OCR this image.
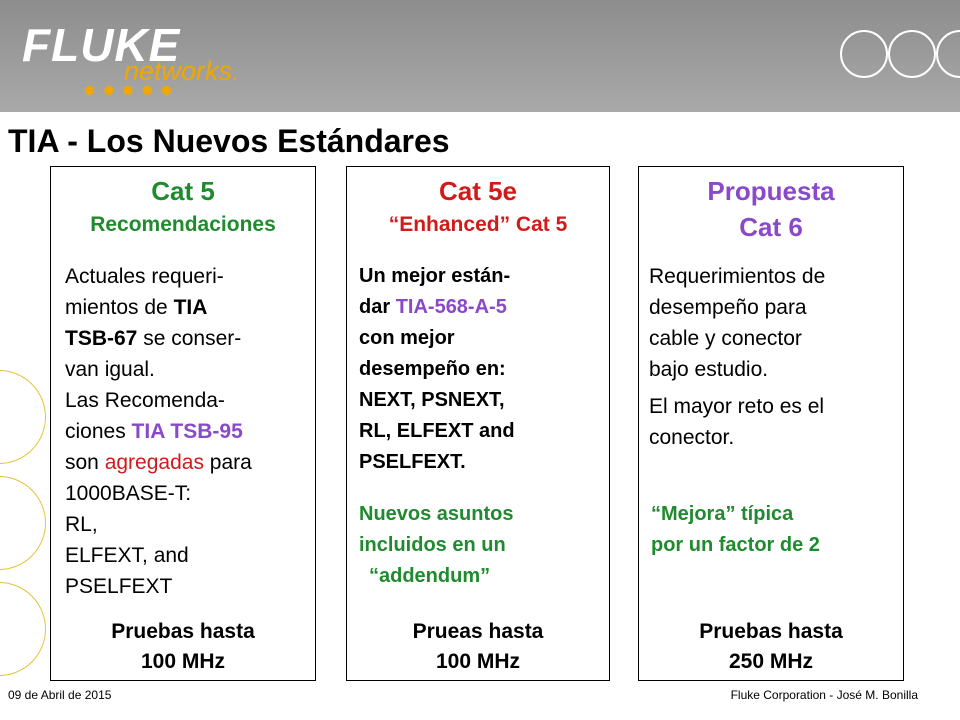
FLUKE
networks.
•••••
TIA - Los Nuevos Estándares
Cat 5
Recomendaciones
Actuales requeri-
mientos de TIA
TSB-67 se conser-
van igual.
Las Recomenda-
ciones TIA TSB-95
son agregadas para
1000BASE-T:
RL,
ELFEXT, and
PSELFEXT
Pruebas hasta
100 MHz
Cat 5e
“Enhanced” Cat 5
Un mejor están-
dar TIA-568-A-5
con mejor
desempeño en:
NEXT, PSNEXT,
RL, ELFEXT and
PSELFEXT.
Nuevos asuntos
incluidos en un
“addendum”
Prueas hasta
100 MHz
Propuesta
Cat 6
Requerimientos de
desempeño para
cable y conector
bajo estudio.
El mayor reto es el
conector.
“Mejora” típica
por un factor de 2
Pruebas hasta
250 MHz
09 de Abril de 2015	Fluke Corporation - José M. Bonilla
